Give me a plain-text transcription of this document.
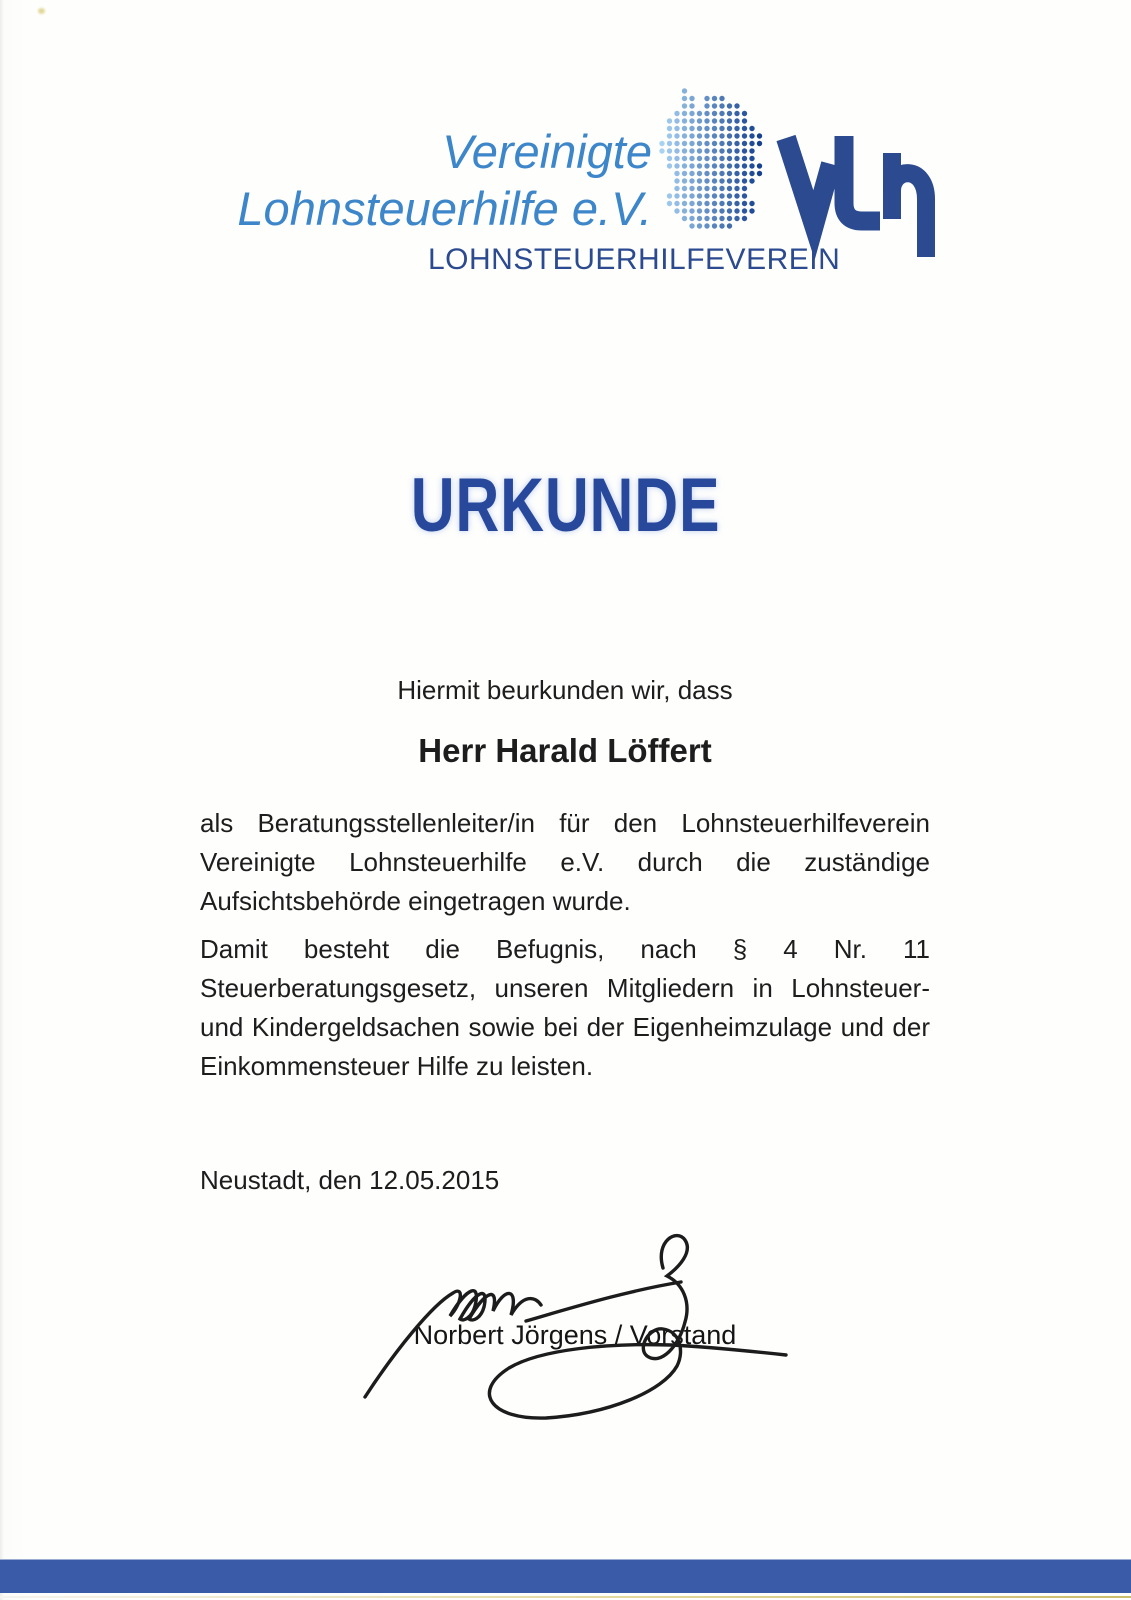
Vereinigte
Lohnsteuerhilfe e.V.
LOHNSTEUERHILFEVEREIN
URKUNDE
Hiermit beurkunden wir, dass
Herr Harald Löffert
als Beratungsstellenleiter/in für den Lohnsteuerhilfeverein Vereinigte Lohnsteuerhilfe e.V. durch die zuständige Aufsichtsbehörde eingetragen wurde.
Damit besteht die Befugnis, nach § 4 Nr. 11 Steuerberatungsgesetz, unseren Mitgliedern in Lohnsteuer- und Kindergeldsachen sowie bei der Eigenheimzulage und der Einkommensteuer Hilfe zu leisten.
Neustadt, den 12.05.2015
Norbert Jörgens / Vorstand
